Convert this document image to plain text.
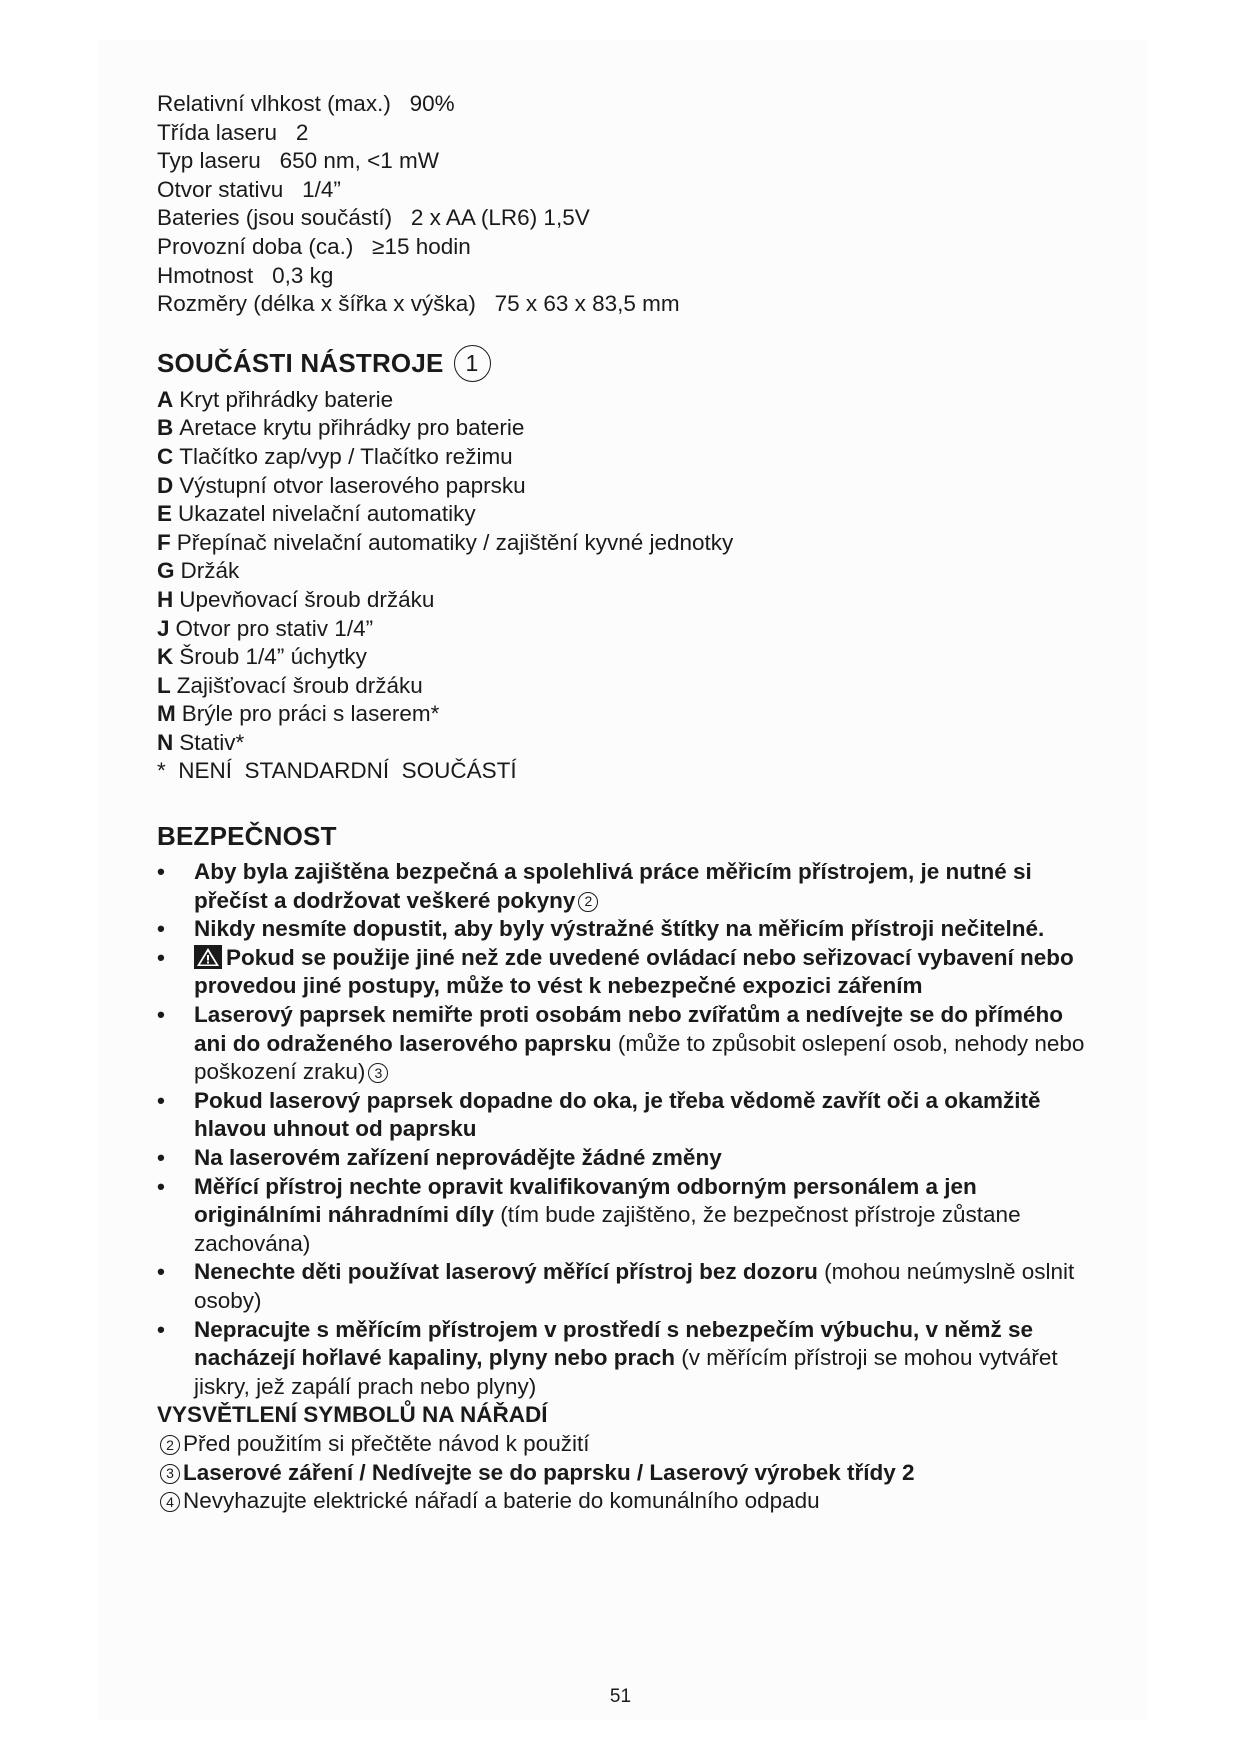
Relativní vlhkost (max.) 90%
Třída laseru 2
Typ laseru 650 nm, <1 mW
Otvor stativu 1/4”
Bateries (jsou součástí) 2 x AA (LR6) 1,5V
Provozní doba (ca.) ≥15 hodin
Hmotnost 0,3 kg
Rozměry (délka x šířka x výška) 75 x 63 x 83,5 mm
SOUČÁSTI NÁSTROJE 1
A Kryt přihrádky baterie
B Aretace krytu přihrádky pro baterie
C Tlačítko zap/vyp / Tlačítko režimu
D Výstupní otvor laserového paprsku
E Ukazatel nivelační automatiky
F Přepínač nivelační automatiky / zajištění kyvné jednotky
G Držák
H Upevňovací šroub držáku
J Otvor pro stativ 1/4”
K Šroub 1/4” úchytky
L Zajišťovací šroub držáku
M Brýle pro práci s laserem*
N Stativ*
*  NENÍ  STANDARDNÍ  SOUČÁSTÍ
BEZPEČNOST
• Aby byla zajištěna bezpečná a spolehlivá práce měřicím přístrojem, je nutné si přečíst a dodržovat veškeré pokyny 2
• Nikdy nesmíte dopustit, aby byly výstražné štítky na měřicím přístroji nečitelné.
•	Pokud se použije jiné než zde uvedené ovládací nebo seřizovací vybavení nebo provedou jiné postupy, může to vést k nebezpečné expozici zářením
• Laserový paprsek nemiřte proti osobám nebo zvířatům a nedívejte se do přímého ani do odraženého laserového paprsku (může to způsobit oslepení osob, nehody nebo poškození zraku) 3
• Pokud laserový paprsek dopadne do oka, je třeba vědomě zavřít oči a okamžitě hlavou uhnout od paprsku
• Na laserovém zařízení neprovádějte žádné změny
• Měřící přístroj nechte opravit kvalifikovaným odborným personálem a jen originálními náhradními díly (tím bude zajištěno, že bezpečnost přístroje zůstane zachována)
• Nenechte děti používat laserový měřící přístroj bez dozoru (mohou neúmyslně oslnit osoby)
• Nepracujte s měřícím přístrojem v prostředí s nebezpečím výbuchu, v němž se nacházejí hořlavé kapaliny, plyny nebo prach (v měřícím přístroji se mohou vytvářet jiskry, jež zapálí prach nebo plyny)
VYSVĚTLENÍ SYMBOLŮ NA NÁŘADÍ
2 Před použitím si přečtěte návod k použití
3 Laserové záření / Nedívejte se do paprsku / Laserový výrobek třídy 2
4 Nevyhazujte elektrické nářadí a baterie do komunálního odpadu
51
